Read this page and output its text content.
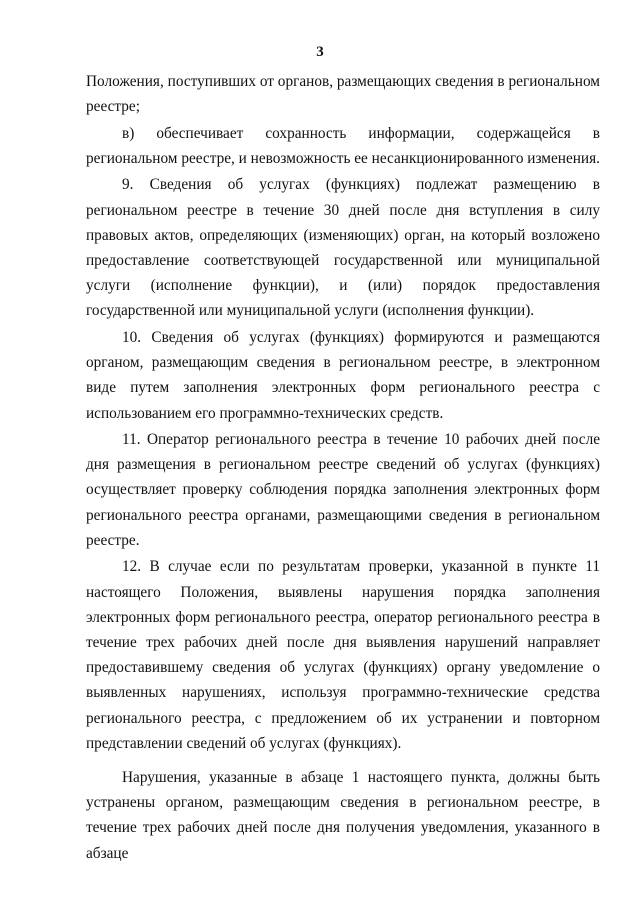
3

Положения, поступивших от органов, размещающих сведения в региональном реестре;

в) обеспечивает сохранность информации, содержащейся в региональном реестре, и невозможность ее несанкционированного изменения.

9. Сведения об услугах (функциях) подлежат размещению в региональном реестре в течение 30 дней после дня вступления в силу правовых актов, определяющих (изменяющих) орган, на который возложено предоставление соответствующей государственной или муниципальной услуги (исполнение функции), и (или) порядок предоставления государственной или муниципальной услуги (исполнения функции).

10. Сведения об услугах (функциях) формируются и размещаются органом, размещающим сведения в региональном реестре, в электронном виде путем заполнения электронных форм регионального реестра с использованием его программно-технических средств.

11. Оператор регионального реестра в течение 10 рабочих дней после дня размещения в региональном реестре сведений об услугах (функциях) осуществляет проверку соблюдения порядка заполнения электронных форм регионального реестра органами, размещающими сведения в региональном реестре.

12. В случае если по результатам проверки, указанной в пункте 11 настоящего Положения, выявлены нарушения порядка заполнения электронных форм регионального реестра, оператор регионального реестра в течение трех рабочих дней после дня выявления нарушений направляет предоставившему сведения об услугах (функциях) органу уведомление о выявленных нарушениях, используя программно-технические средства регионального реестра, с предложением об их устранении и повторном представлении сведений об услугах (функциях).

Нарушения, указанные в абзаце 1 настоящего пункта, должны быть устранены органом, размещающим сведения в региональном реестре, в течение трех рабочих дней после дня получения уведомления, указанного в абзаце
